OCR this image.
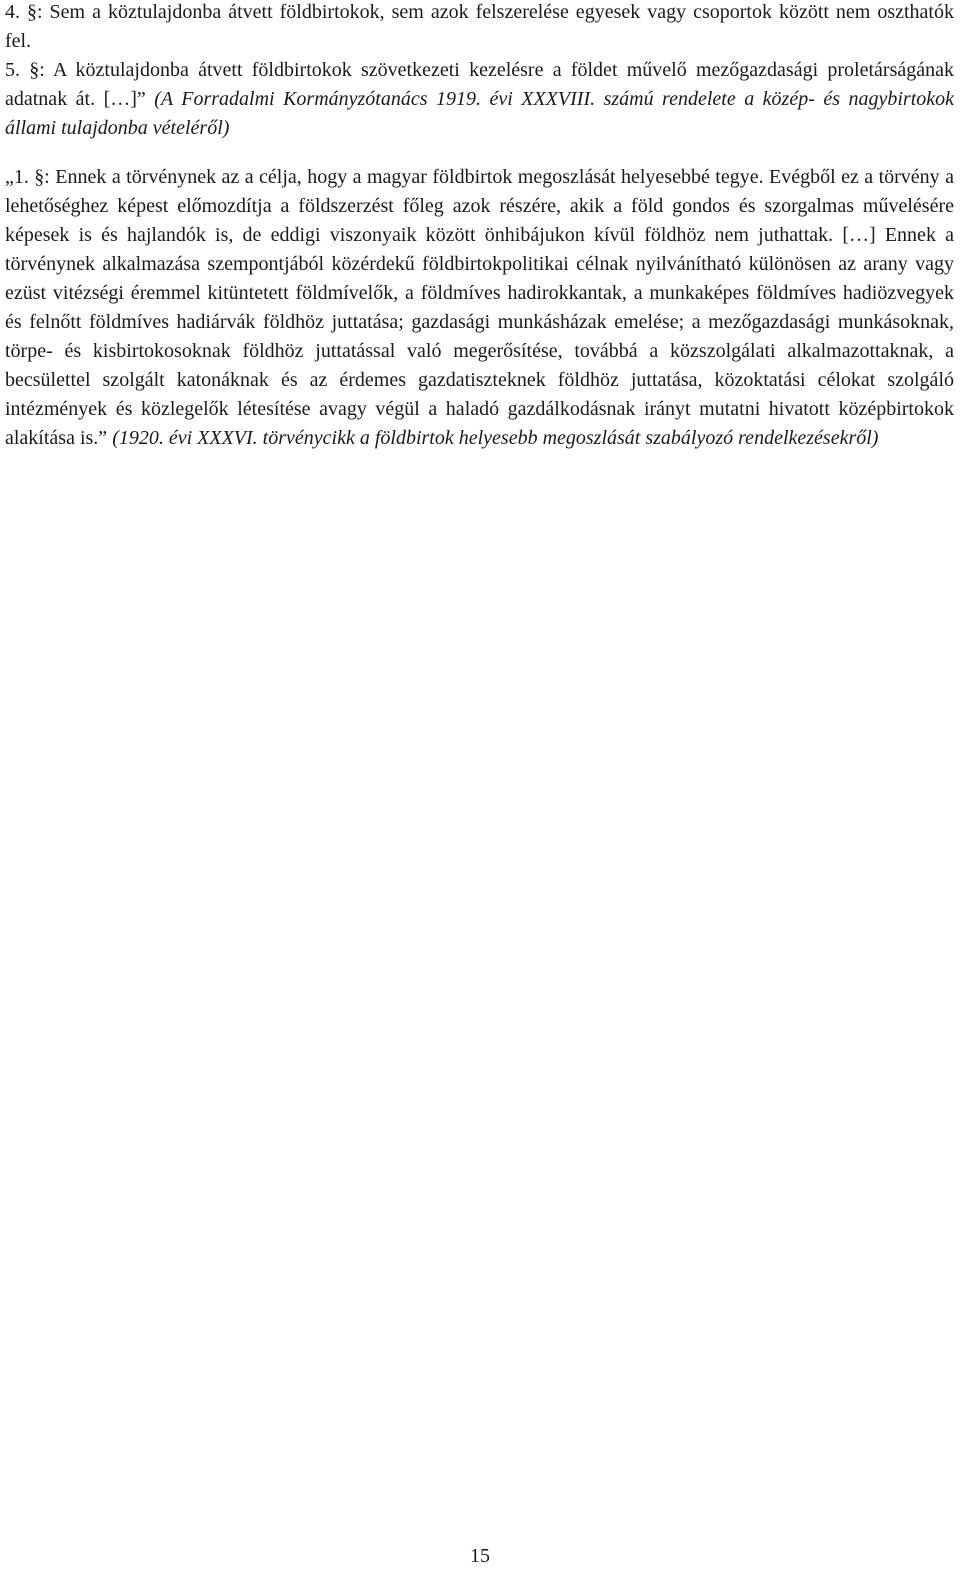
4. §: Sem a köztulajdonba átvett földbirtokok, sem azok felszerelése egyesek vagy csoportok között nem oszthatók fel.

5. §: A köztulajdonba átvett földbirtokok szövetkezeti kezelésre a földet művelő mezőgazdasági proletárságának adatnak át. […]” (A Forradalmi Kormányzótanács 1919. évi XXXVIII. számú rendelete a közép- és nagybirtokok állami tulajdonba vételéről)

„1. §: Ennek a törvénynek az a célja, hogy a magyar földbirtok megoszlását helyesebbé tegye. Evégből ez a törvény a lehetőséghez képest előmozdítja a földszerzést főleg azok részére, akik a föld gondos és szorgalmas művelésére képesek is és hajlandók is, de eddigi viszonyaik között önhibájukon kívül földhöz nem juthattak. […] Ennek a törvénynek alkalmazása szempontjából közérdekű földbirtokpolitikai célnak nyilvánítható különösen az arany vagy ezüst vitézségi éremmel kitüntetett földmívelők, a földmíves hadirokkantak, a munkaképes földmíves hadiözvegyek és felnőtt földmíves hadiárvák földhöz juttatása; gazdasági munkásházak emelése; a mezőgazdasági munkásoknak, törpe- és kisbirtokosoknak földhöz juttatással való megerősítése, továbbá a közszolgálati alkalmazottaknak, a becsülettel szolgált katonáknak és az érdemes gazdatiszteknek földhöz juttatása, közoktatási célokat szolgáló intézmények és közlegelők létesítése avagy végül a haladó gazdálkodásnak irányt mutatni hivatott középbirtokok alakítása is.” (1920. évi XXXVI. törvénycikk a földbirtok helyesebb megoszlását szabályozó rendelkezésekről)

15
